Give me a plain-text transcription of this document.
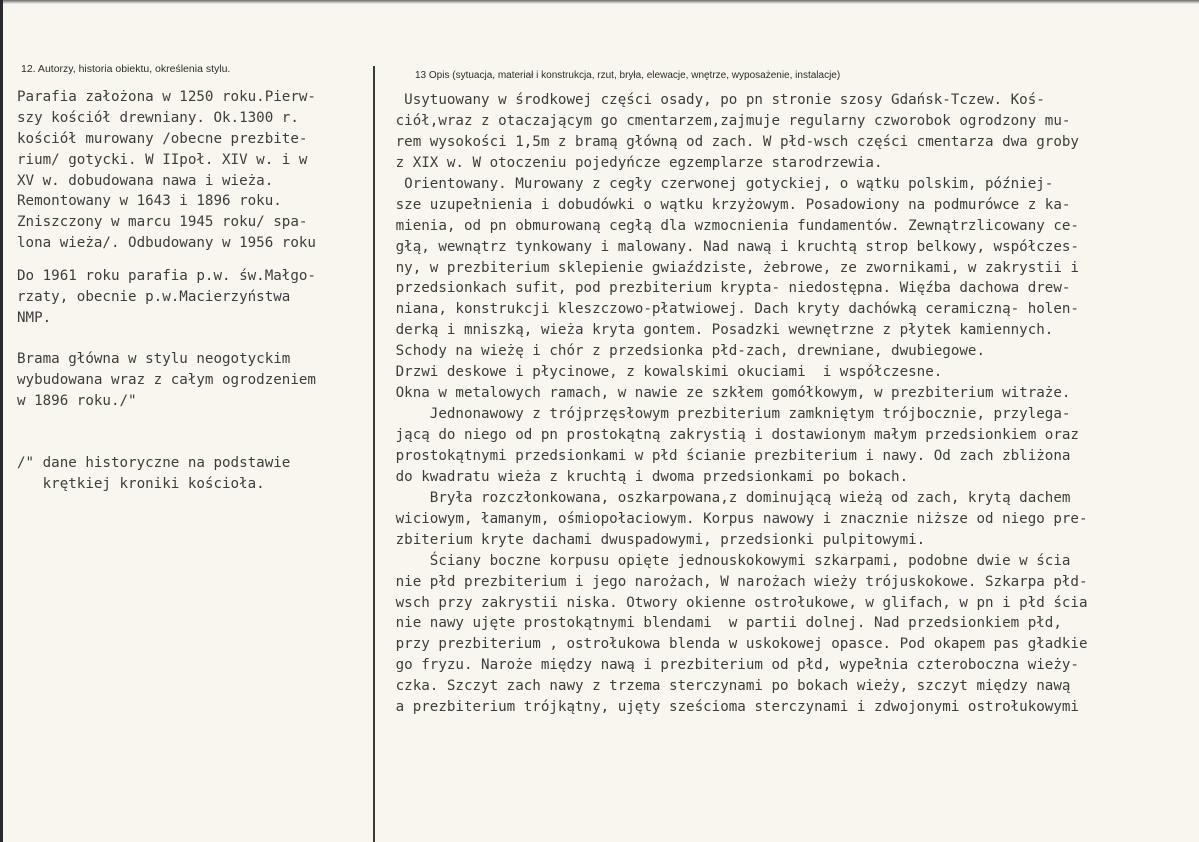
12. Autorzy, historia obiektu, określenia stylu.
13 Opis (sytuacja, materiał i konstrukcja, rzut, bryła, elewacje, wnętrze, wyposażenie, instalacje)
Parafia założona w 1250 roku.Pierw-
szy kościół drewniany. Ok.1300 r.
kościół murowany /obecne prezbite-
rium/ gotycki. W IIpoł. XIV w. i w
XV w. dobudowana nawa i wieża.
Remontowany w 1643 i 1896 roku.
Zniszczony w marcu 1945 roku/ spa-
lona wieża/. Odbudowany w 1956 roku
Do 1961 roku parafia p.w. św.Małgo-
rzaty, obecnie p.w.Macierzyństwa
NMP.
Brama główna w stylu neogotyckim
wybudowana wraz z całym ogrodzeniem
w 1896 roku./"
/" dane historyczne na podstawie
krętkiej kroniki kościoła.
Usytuowany w środkowej części osady, po pn stronie szosy Gdańsk-Tczew. Koś-
ciół,wraz z otaczającym go cmentarzem,zajmuje regularny czworobok ogrodzony mu-
rem wysokości 1,5m z bramą główną od zach. W płd-wsch części cmentarza dwa groby
z XIX w. W otoczeniu pojedyńcze egzemplarze starodrzewia.
Orientowany. Murowany z cegły czerwonej gotyckiej, o wątku polskim, później-
sze uzupełnienia i dobudówki o wątku krzyżowym. Posadowiony na podmurówce z ka-
mienia, od pn obmurowaną cegłą dla wzmocnienia fundamentów. Zewnątrzlicowany ce-
głą, wewnątrz tynkowany i malowany. Nad nawą i kruchtą strop belkowy, współczes-
ny, w prezbiterium sklepienie gwiaździste, żebrowe, ze zwornikami, w zakrystii i
przedsionkach sufit, pod prezbiterium krypta- niedostępna. Więźba dachowa drew-
niana, konstrukcji kleszczowo-płatwiowej. Dach kryty dachówką ceramiczną- holen-
derką i mniszką, wieża kryta gontem. Posadzki wewnętrzne z płytek kamiennych.
Schody na wieżę i chór z przedsionka płd-zach, drewniane, dwubiegowe.
Drzwi deskowe i płycinowe, z kowalskimi okuciami  i współczesne.
Okna w metalowych ramach, w nawie ze szkłem gomółkowym, w prezbiterium witraże.
Jednonawowy z trójprzęsłowym prezbiterium zamkniętym trójbocznie, przylega-
jącą do niego od pn prostokątną zakrystią i dostawionym małym przedsionkiem oraz
prostokątnymi przedsionkami w płd ścianie prezbiterium i nawy. Od zach zbliżona
do kwadratu wieża z kruchtą i dwoma przedsionkami po bokach.
Bryła rozczłonkowana, oszkarpowana,z dominującą wieżą od zach, krytą dachem
wiciowym, łamanym, ośmiopołaciowym. Korpus nawowy i znacznie niższe od niego pre-
zbiterium kryte dachami dwuspadowymi, przedsionki pulpitowymi.
Ściany boczne korpusu opięte jednouskokowymi szkarpami, podobne dwie w ścia
nie płd prezbiterium i jego narożach, W narożach wieży trójuskokowe. Szkarpa płd-
wsch przy zakrystii niska. Otwory okienne ostrołukowe, w glifach, w pn i płd ścia
nie nawy ujęte prostokątnymi blendami  w partii dolnej. Nad przedsionkiem płd,
przy prezbiterium , ostrołukowa blenda w uskokowej opasce. Pod okapem pas gładkie
go fryzu. Naroże między nawą i prezbiterium od płd, wypełnia czteroboczna wieży-
czka. Szczyt zach nawy z trzema sterczynami po bokach wieży, szczyt między nawą
a prezbiterium trójkątny, ujęty sześcioma sterczynami i zdwojonymi ostrołukowymi
